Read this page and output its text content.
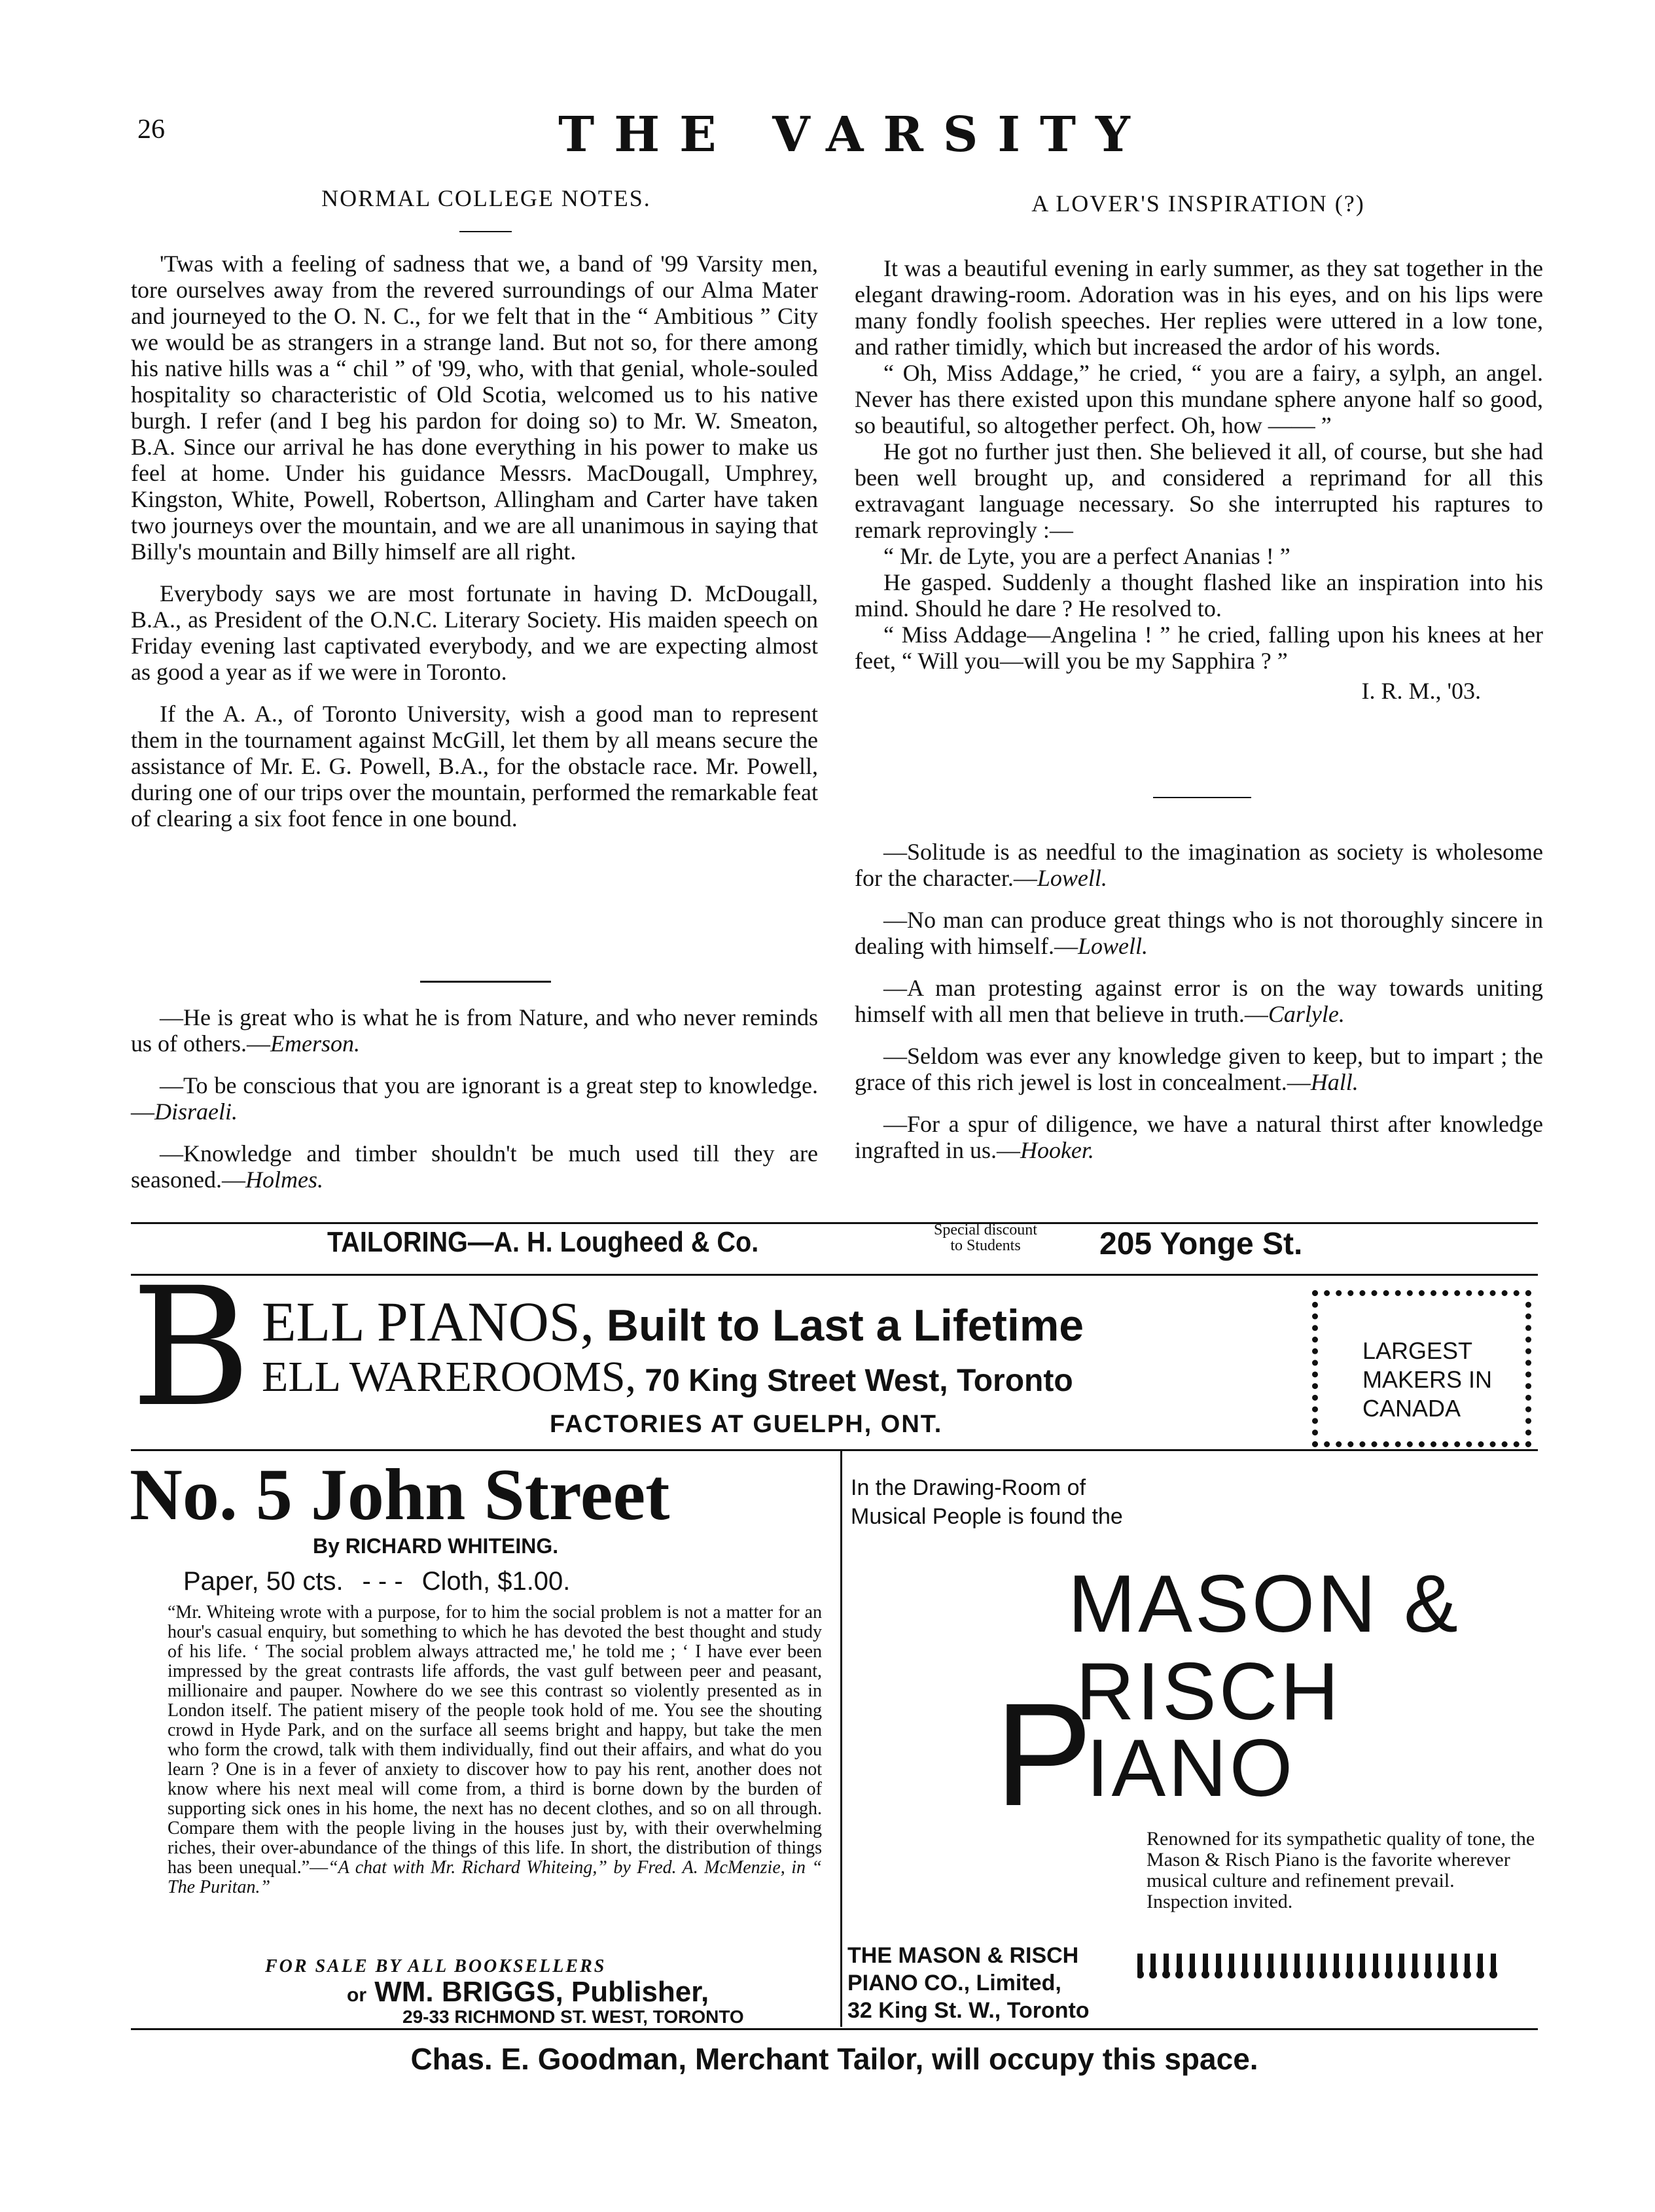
26	THE VARSITY
NORMAL COLLEGE NOTES.

'Twas with a feeling of sadness that we, a band of '99 Varsity men, tore ourselves away from the revered surroundings of our Alma Mater and journeyed to the O. N. C., for we felt that in the “ Ambitious ” City we would be as strangers in a strange land. But not so, for there among his native hills was a “ chil ” of '99, who, with that genial, whole-souled hospitality so characteristic of Old Scotia, welcomed us to his native burgh. I refer (and I beg his pardon for doing so) to Mr. W. Smeaton, B.A. Since our arrival he has done everything in his power to make us feel at home. Under his guidance Messrs. MacDougall, Umphrey, Kingston, White, Powell, Robertson, Allingham and Carter have taken two journeys over the mountain, and we are all unanimous in saying that Billy's mountain and Billy himself are all right.

Everybody says we are most fortunate in having D. McDougall, B.A., as President of the O.N.C. Literary Society. His maiden speech on Friday evening last captivated everybody, and we are expecting almost as good a year as if we were in Toronto.

If the A. A., of Toronto University, wish a good man to represent them in the tournament against McGill, let them by all means secure the assistance of Mr. E. G. Powell, B.A., for the obstacle race. Mr. Powell, during one of our trips over the mountain, performed the remarkable feat of clearing a six foot fence in one bound.

—He is great who is what he is from Nature, and who never reminds us of others.—Emerson.

—To be conscious that you are ignorant is a great step to knowledge.—Disraeli.

—Knowledge and timber shouldn't be much used till they are seasoned.—Holmes.

A LOVER'S INSPIRATION (?)

It was a beautiful evening in early summer, as they sat together in the elegant drawing-room. Adoration was in his eyes, and on his lips were many fondly foolish speeches. Her replies were uttered in a low tone, and rather timidly, which but increased the ardor of his words.

“ Oh, Miss Addage,” he cried, “ you are a fairy, a sylph, an angel. Never has there existed upon this mundane sphere anyone half so good, so beautiful, so altogether perfect. Oh, how —— ”

He got no further just then. She believed it all, of course, but she had been well brought up, and considered a reprimand for all this extravagant language necessary. So she interrupted his raptures to remark reprovingly :—

“ Mr. de Lyte, you are a perfect Ananias ! ”

He gasped. Suddenly a thought flashed like an inspiration into his mind. Should he dare ? He resolved to.

“ Miss Addage—Angelina ! ” he cried, falling upon his knees at her feet, “ Will you—will you be my Sapphira ? ”

I. R. M., '03.

—Solitude is as needful to the imagination as society is wholesome for the character.—Lowell.

—No man can produce great things who is not thoroughly sincere in dealing with himself.—Lowell.

—A man protesting against error is on the way towards uniting himself with all men that believe in truth.—Carlyle.

—Seldom was ever any knowledge given to keep, but to impart ; the grace of this rich jewel is lost in concealment.—Hall.

—For a spur of diligence, we have a natural thirst after knowledge ingrafted in us.—Hooker.

TAILORING—A. H. Lougheed & Co.	Special discount
to Students	205 Yonge St.
B ELL PIANOS, Built to Last a Lifetime
ELL WAREROOMS, 70 King Street West, Toronto
FACTORIES AT GUELPH, ONT.
LARGEST
MAKERS IN
CANADA
No. 5 John Street
By RICHARD WHITEING.
Paper, 50 cts. - - - Cloth, $1.00.
“Mr. Whiteing wrote with a purpose, for to him the social problem is not a matter for an hour's casual enquiry, but something to which he has devoted the best thought and study of his life. ‘ The social problem always attracted me,' he told me ; ‘ I have ever been impressed by the great contrasts life affords, the vast gulf between peer and peasant, millionaire and pauper. Nowhere do we see this contrast so violently presented as in London itself. The patient misery of the people took hold of me. You see the shouting crowd in Hyde Park, and on the surface all seems bright and happy, but take the men who form the crowd, talk with them individually, find out their affairs, and what do you learn ? One is in a fever of anxiety to discover how to pay his rent, another does not know where his next meal will come from, a third is borne down by the burden of supporting sick ones in his home, the next has no decent clothes, and so on all through. Compare them with the people living in the houses just by, with their overwhelming riches, their over-abundance of the things of this life. In short, the distribution of things has been unequal.”—“A chat with Mr. Richard Whiteing,” by Fred. A. McMenzie, in “ The Puritan.”
FOR SALE BY ALL BOOKSELLERS
or WM. BRIGGS, Publisher,
29-33 RICHMOND ST. WEST, TORONTO
In the Drawing-Room of
Musical People is found the
MASON &
RISCH
P
IANO
Renowned for its sympathetic quality of tone, the Mason & Risch Piano is the favorite wherever musical culture and refinement prevail.
Inspection invited.
THE MASON & RISCH
PIANO CO., Limited,
32 King St. W., Toronto
Chas. E. Goodman, Merchant Tailor, will occupy this space.
